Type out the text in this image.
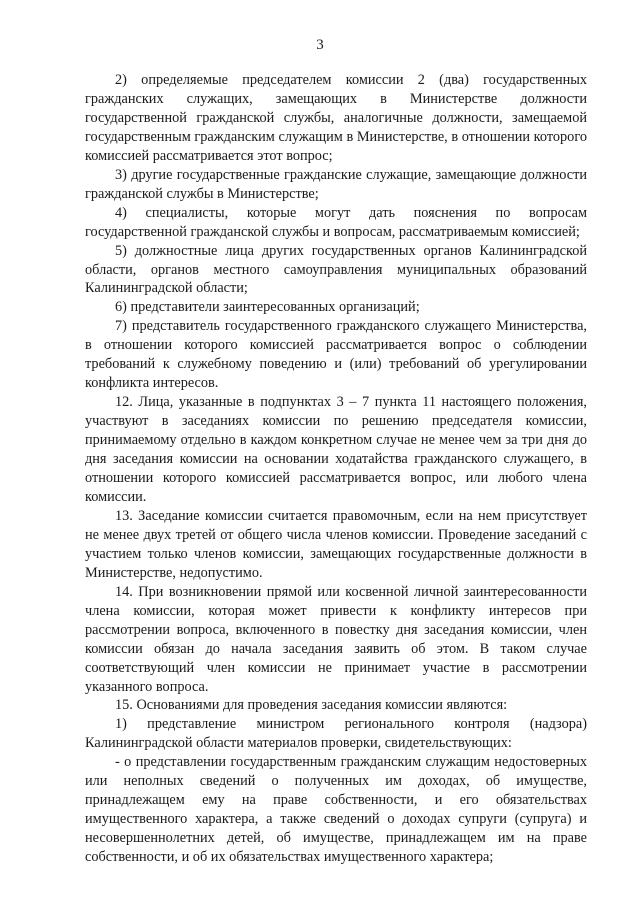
3

2) определяемые председателем комиссии 2 (два) государственных гражданских служащих, замещающих в Министерстве должности государственной гражданской службы, аналогичные должности, замещаемой государственным гражданским служащим в Министерстве, в отношении которого комиссией рассматривается этот вопрос;

3) другие государственные гражданские служащие, замещающие должности гражданской службы в Министерстве;

4) специалисты, которые могут дать пояснения по вопросам государственной гражданской службы и вопросам, рассматриваемым комиссией;

5) должностные лица других государственных органов Калининградской области, органов местного самоуправления муниципальных образований Калининградской области;

6) представители заинтересованных организаций;

7) представитель государственного гражданского служащего Министерства, в отношении которого комиссией рассматривается вопрос о соблюдении требований к служебному поведению и (или) требований об урегулировании конфликта интересов.

12. Лица, указанные в подпунктах 3 – 7 пункта 11 настоящего положения, участвуют в заседаниях комиссии по решению председателя комиссии, принимаемому отдельно в каждом конкретном случае не менее чем за три дня до дня заседания комиссии на основании ходатайства гражданского служащего, в отношении которого комиссией рассматривается вопрос, или любого члена комиссии.

13. Заседание комиссии считается правомочным, если на нем присутствует не менее двух третей от общего числа членов комиссии. Проведение заседаний с участием только членов комиссии, замещающих государственные должности в Министерстве, недопустимо.

14. При возникновении прямой или косвенной личной заинтересованности члена комиссии, которая может привести к конфликту интересов при рассмотрении вопроса, включенного в повестку дня заседания комиссии, член комиссии обязан до начала заседания заявить об этом. В таком случае соответствующий член комиссии не принимает участие в рассмотрении указанного вопроса.

15. Основаниями для проведения заседания комиссии являются:

1) представление министром регионального контроля (надзора) Калининградской области материалов проверки, свидетельствующих:

- о представлении государственным гражданским служащим недостоверных или неполных сведений о полученных им доходах, об имуществе, принадлежащем ему на праве собственности, и его обязательствах имущественного характера, а также сведений о доходах супруги (супруга) и несовершеннолетних детей, об имуществе, принадлежащем им на праве собственности, и об их обязательствах имущественного характера;
